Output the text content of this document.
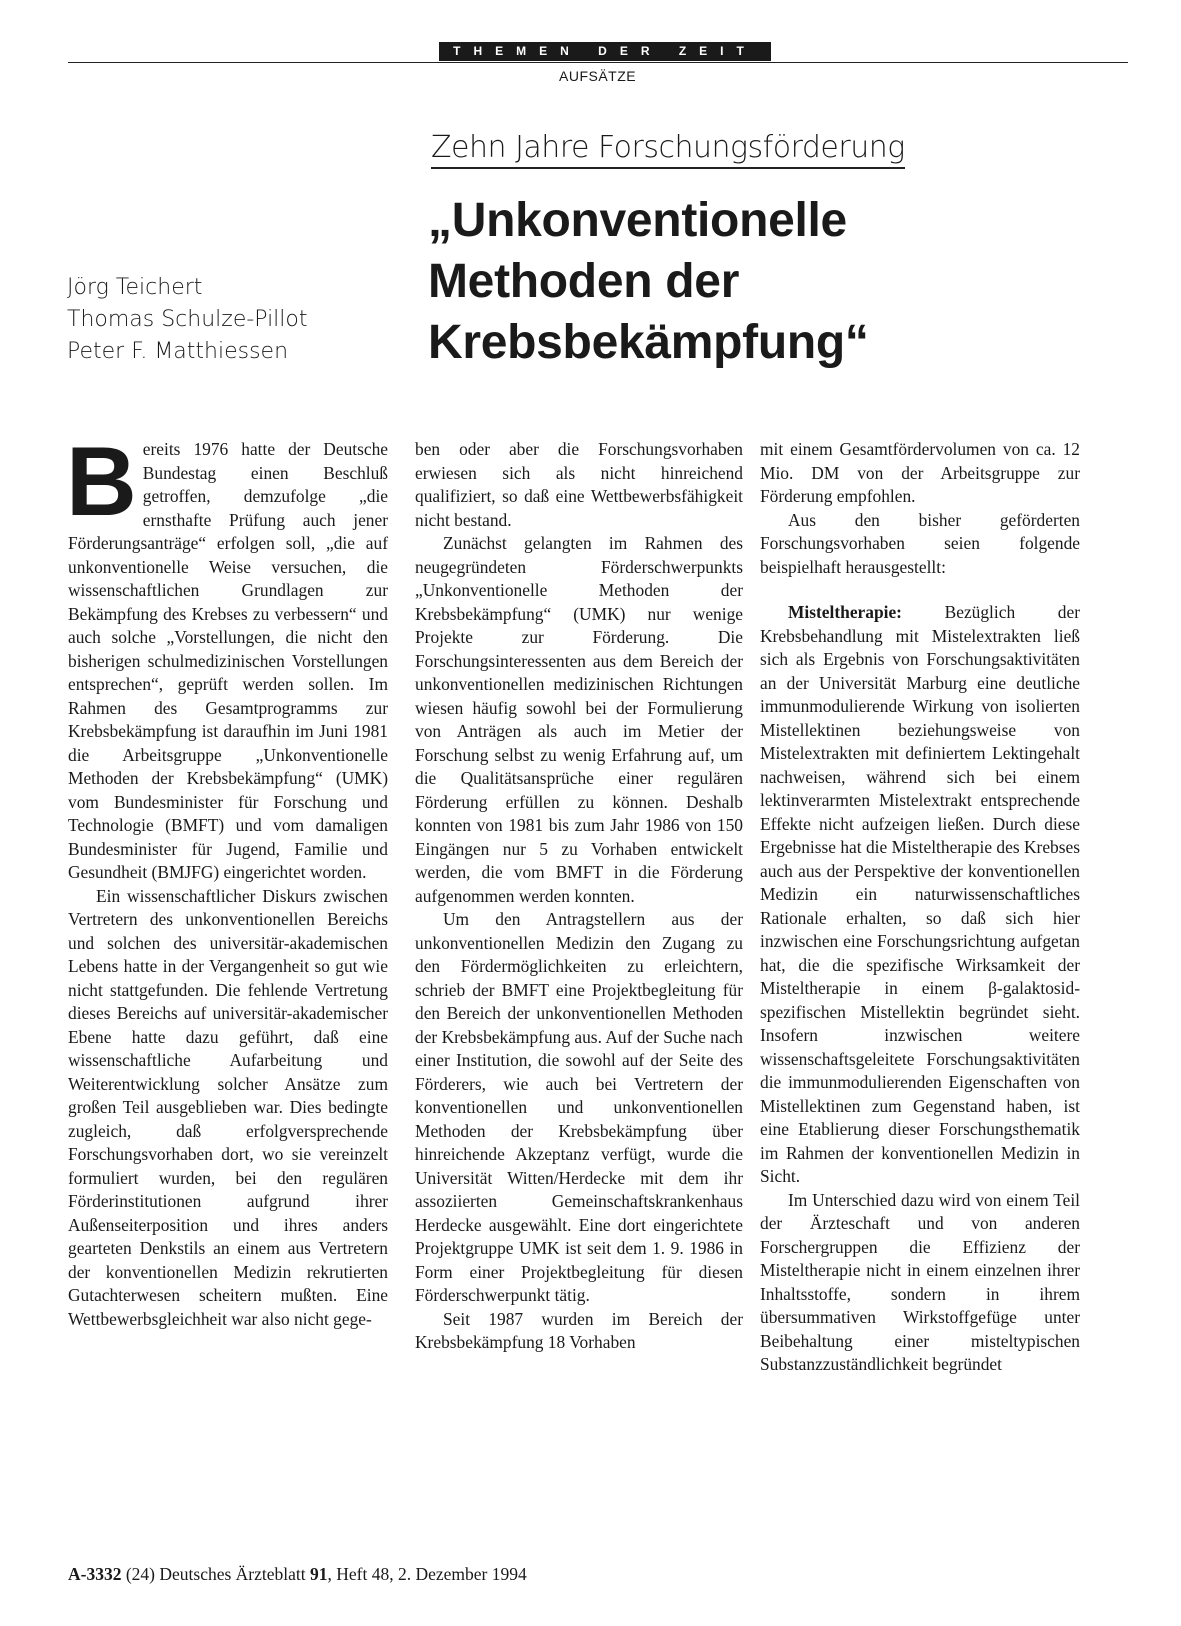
THEMEN DER ZEIT
AUFSÄTZE
Zehn Jahre Forschungsförderung
„Unkonventionelle
Methoden der
Krebsbekämpfung“
Jörg Teichert
Thomas Schulze-Pillot
Peter F. Matthiessen

Bereits 1976 hatte der Deutsche Bundestag einen Beschluß getroffen, demzufolge „die ernsthafte Prüfung auch jener Förderungsanträge“ erfolgen soll, „die auf unkonventionelle Weise versuchen, die wissenschaftlichen Grundlagen zur Bekämpfung des Krebses zu verbessern“ und auch solche „Vorstellungen, die nicht den bisherigen schulmedizinischen Vorstellungen entsprechen“, geprüft werden sollen. Im Rahmen des Gesamtprogramms zur Krebsbekämpfung ist daraufhin im Juni 1981 die Arbeitsgruppe „Unkonventionelle Methoden der Krebsbekämpfung“ (UMK) vom Bundesminister für Forschung und Technologie (BMFT) und vom damaligen Bundesminister für Jugend, Familie und Gesundheit (BMJFG) eingerichtet worden.

Ein wissenschaftlicher Diskurs zwischen Vertretern des unkonventionellen Bereichs und solchen des universitär-akademischen Lebens hatte in der Vergangenheit so gut wie nicht stattgefunden. Die fehlende Vertretung dieses Bereichs auf universitär-akademischer Ebene hatte dazu geführt, daß eine wissenschaftliche Aufarbeitung und Weiterentwicklung solcher Ansätze zum großen Teil ausgeblieben war. Dies bedingte zugleich, daß erfolgversprechende Forschungsvorhaben dort, wo sie vereinzelt formuliert wurden, bei den regulären Förderinstitutionen aufgrund ihrer Außenseiterposition und ihres anders gearteten Denkstils an einem aus Vertretern der konventionellen Medizin rekrutierten Gutachterwesen scheitern mußten. Eine Wettbewerbsgleichheit war also nicht gege-

ben oder aber die Forschungsvorhaben erwiesen sich als nicht hinreichend qualifiziert, so daß eine Wettbewerbsfähigkeit nicht bestand.

Zunächst gelangten im Rahmen des neugegründeten Förderschwerpunkts „Unkonventionelle Methoden der Krebsbekämpfung“ (UMK) nur wenige Projekte zur Förderung. Die Forschungsinteressenten aus dem Bereich der unkonventionellen medizinischen Richtungen wiesen häufig sowohl bei der Formulierung von Anträgen als auch im Metier der Forschung selbst zu wenig Erfahrung auf, um die Qualitätsansprüche einer regulären Förderung erfüllen zu können. Deshalb konnten von 1981 bis zum Jahr 1986 von 150 Eingängen nur 5 zu Vorhaben entwickelt werden, die vom BMFT in die Förderung aufgenommen werden konnten.

Um den Antragstellern aus der unkonventionellen Medizin den Zugang zu den Fördermöglichkeiten zu erleichtern, schrieb der BMFT eine Projektbegleitung für den Bereich der unkonventionellen Methoden der Krebsbekämpfung aus. Auf der Suche nach einer Institution, die sowohl auf der Seite des Förderers, wie auch bei Vertretern der konventionellen und unkonventionellen Methoden der Krebsbekämpfung über hinreichende Akzeptanz verfügt, wurde die Universität Witten/Herdecke mit dem ihr assoziierten Gemeinschaftskrankenhaus Herdecke ausgewählt. Eine dort eingerichtete Projektgruppe UMK ist seit dem 1. 9. 1986 in Form einer Projektbegleitung für diesen Förderschwerpunkt tätig.

Seit 1987 wurden im Bereich der Krebsbekämpfung 18 Vorhaben

mit einem Gesamtfördervolumen von ca. 12 Mio. DM von der Arbeitsgruppe zur Förderung empfohlen.

Aus den bisher geförderten Forschungsvorhaben seien folgende beispielhaft herausgestellt:

Misteltherapie: Bezüglich der Krebsbehandlung mit Mistelextrakten ließ sich als Ergebnis von Forschungsaktivitäten an der Universität Marburg eine deutliche immunmodulierende Wirkung von isolierten Mistellektinen beziehungsweise von Mistelextrakten mit definiertem Lektingehalt nachweisen, während sich bei einem lektinverarmten Mistelextrakt entsprechende Effekte nicht aufzeigen ließen. Durch diese Ergebnisse hat die Misteltherapie des Krebses auch aus der Perspektive der konventionellen Medizin ein naturwissenschaftliches Rationale erhalten, so daß sich hier inzwischen eine Forschungsrichtung aufgetan hat, die die spezifische Wirksamkeit der Misteltherapie in einem β-galaktosid-spezifischen Mistellektin begründet sieht. Insofern inzwischen weitere wissenschaftsgeleitete Forschungsaktivitäten die immunmodulierenden Eigenschaften von Mistellektinen zum Gegenstand haben, ist eine Etablierung dieser Forschungsthematik im Rahmen der konventionellen Medizin in Sicht.

Im Unterschied dazu wird von einem Teil der Ärzteschaft und von anderen Forschergruppen die Effizienz der Misteltherapie nicht in einem einzelnen ihrer Inhaltsstoffe, sondern in ihrem übersummativen Wirkstoffgefüge unter Beibehaltung einer misteltypischen Substanzzuständlichkeit begründet

A-3332 (24) Deutsches Ärzteblatt 91, Heft 48, 2. Dezember 1994
